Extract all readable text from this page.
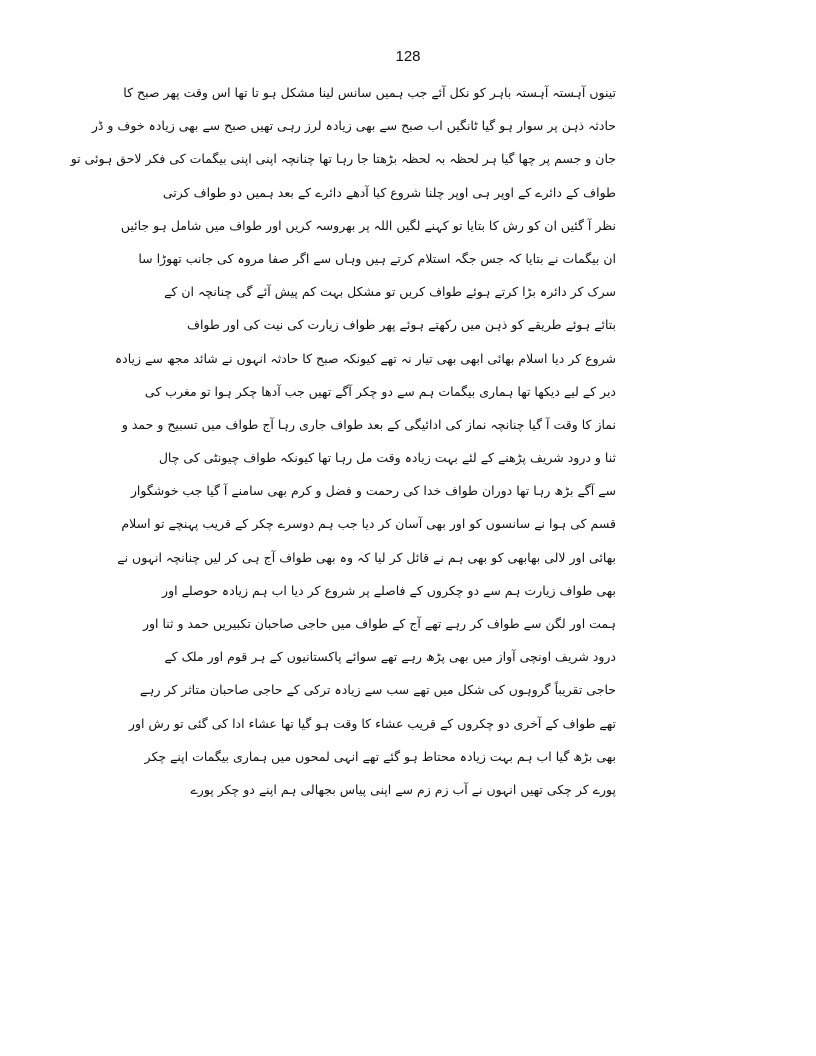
128
تینوں آہستہ آہستہ باہر کو نکل آئے جب ہمیں سانس لینا مشکل ہو تا تھا اس وقت پھر صبح کا
حادثہ ذہن پر سوار ہو گیا ٹانگیں اب صبح سے بھی زیادہ لرز رہی تھیں صبح سے بھی زیادہ خوف و ڈر
جان و جسم پر چھا گیا ہر لحظہ بہ لحظہ بڑھتا جا رہا تھا چنانچہ اپنی اپنی بیگمات کی فکر لاحق ہوئی تو
طواف کے دائرے کے اوپر ہی اوپر چلنا شروع کیا آدھے دائرے کے بعد ہمیں دو طواف کرتی
نظر آ گئیں ان کو رش کا بتایا تو کہنے لگیں اللہ پر بھروسہ کریں اور طواف میں شامل ہو جائیں
ان بیگمات نے بتایا کہ جس جگہ استلام کرتے ہیں وہاں سے اگر صفا مروہ کی جانب تھوڑا سا
سرک کر دائرہ بڑا کرتے ہوئے طواف کریں تو مشکل بہت کم پیش آئے گی چنانچہ ان کے
بتائے ہوئے طریقے کو ذہن میں رکھتے ہوئے پھر طواف زیارت کی نیت کی اور طواف
شروع کر دیا اسلام بھائی ابھی بھی تیار نہ تھے کیونکہ صبح کا حادثہ انہوں نے شائد مجھ سے زیادہ
دیر کے لیے دیکھا تھا ہماری بیگمات ہم سے دو چکر آگے تھیں جب آدھا چکر ہوا تو مغرب کی
نماز کا وقت آ گیا چنانچہ نماز کی ادائیگی کے بعد طواف جاری رہا آج طواف میں تسبیح و حمد و
ثنا و درود شریف پڑھنے کے لئے بہت زیادہ وقت مل رہا تھا کیونکہ طواف چیونٹی کی چال
سے آگے بڑھ رہا تھا دوران طواف خدا کی رحمت و فضل و کرم بھی سامنے آ گیا جب خوشگوار
قسم کی ہوا نے سانسوں کو اور بھی آسان کر دیا جب ہم دوسرے چکر کے قریب پہنچے تو اسلام
بھائی اور لالی بھابھی کو بھی ہم نے قائل کر لیا کہ وہ بھی طواف آج ہی کر لیں چنانچہ انہوں نے
بھی طواف زیارت ہم سے دو چکروں کے فاصلے پر شروع کر دیا اب ہم زیادہ حوصلے اور
ہمت اور لگن سے طواف کر رہے تھے آج کے طواف میں حاجی صاحبان تکبیریں حمد و ثنا اور
درود شریف اونچی آواز میں بھی پڑھ رہے تھے سوائے پاکستانیوں کے ہر قوم اور ملک کے
حاجی تقریباً گروہوں کی شکل میں تھے سب سے زیادہ ترکی کے حاجی صاحبان متاثر کر رہے
تھے طواف کے آخری دو چکروں کے قریب عشاء کا وقت ہو گیا تھا عشاء ادا کی گئی تو رش اور
بھی بڑھ گیا اب ہم بہت زیادہ محتاط ہو گئے تھے انہی لمحوں میں ہماری بیگمات اپنے چکر
پورے کر چکی تھیں انہوں نے آب زم زم سے اپنی پیاس بجھالی ہم اپنے دو چکر پورے
